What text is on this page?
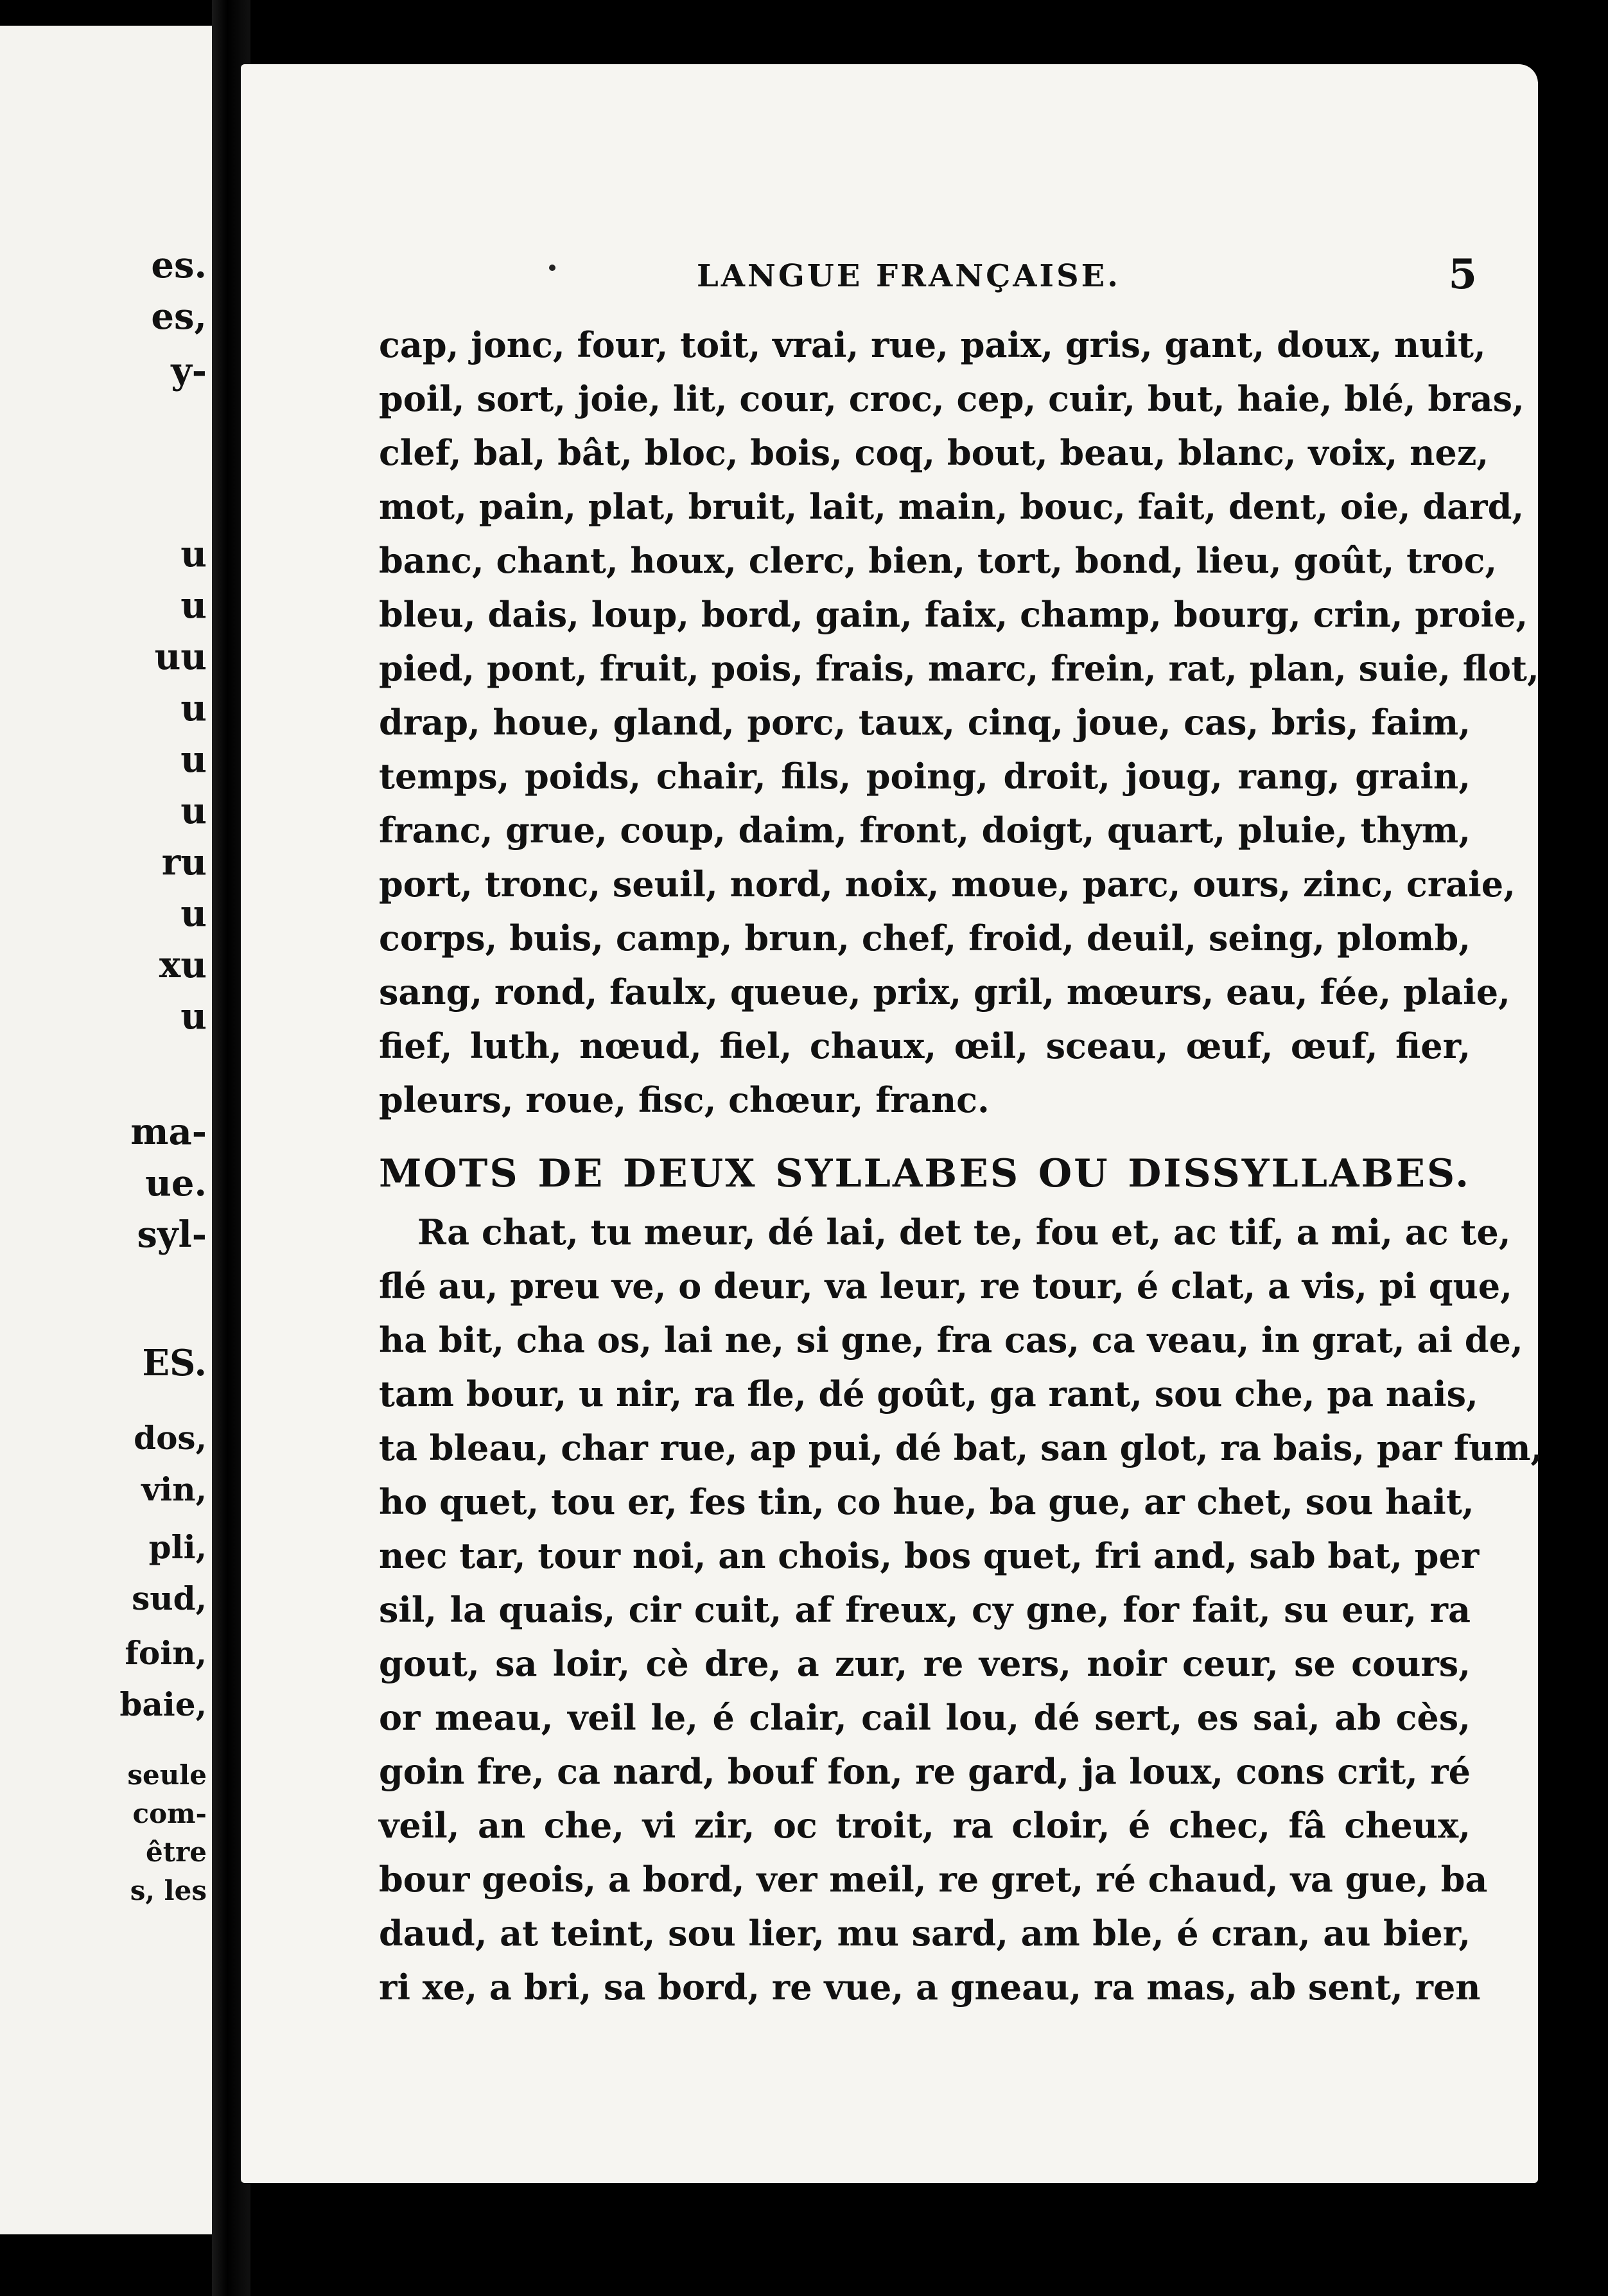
es.
es,
y-
u
u
uu
u
u
u
ru
u
xu
u
ma-
ue.
syl-
ES.
dos,
vin,
pli,
sud,
foin,
baie,
seule
com-
être
s, les
LANGUE FRANÇAISE.	5
cap, jonc, four, toit, vrai, rue, paix, gris, gant, doux, nuit,
poil, sort, joie, lit, cour, croc, cep, cuir, but, haie, blé, bras,
clef, bal, bât, bloc, bois, coq, bout, beau, blanc, voix, nez,
mot, pain, plat, bruit, lait, main, bouc, fait, dent, oie, dard,
banc, chant, houx, clerc, bien, tort, bond, lieu, goût, troc,
bleu, dais, loup, bord, gain, faix, champ, bourg, crin, proie,
pied, pont, fruit, pois, frais, marc, frein, rat, plan, suie, flot,
drap, houe, gland, porc, taux, cinq, joue, cas, bris, faim,
temps, poids, chair, fils, poing, droit, joug, rang, grain,
franc, grue, coup, daim, front, doigt, quart, pluie, thym,
port, tronc, seuil, nord, noix, moue, parc, ours, zinc, craie,
corps, buis, camp, brun, chef, froid, deuil, seing, plomb,
sang, rond, faulx, queue, prix, gril, mœurs, eau, fée, plaie,
fief, luth, nœud, fiel, chaux, œil, sceau, œuf, œuf, fier,
pleurs, roue, fisc, chœur, franc.
MOTS DE DEUX SYLLABES OU DISSYLLABES.
Ra chat, tu meur, dé lai, det te, fou et, ac tif, a mi, ac te,
flé au, preu ve, o deur, va leur, re tour, é clat, a vis, pi que,
ha bit, cha os, lai ne, si gne, fra cas, ca veau, in grat, ai de,
tam bour, u nir, ra fle, dé goût, ga rant, sou che, pa nais,
ta bleau, char rue, ap pui, dé bat, san glot, ra bais, par fum,
ho quet, tou er, fes tin, co hue, ba gue, ar chet, sou hait,
nec tar, tour noi, an chois, bos quet, fri and, sab bat, per
sil, la quais, cir cuit, af freux, cy gne, for fait, su eur, ra
gout, sa loir, cè dre, a zur, re vers, noir ceur, se cours,
or meau, veil le, é clair, cail lou, dé sert, es sai, ab cès,
goin fre, ca nard, bouf fon, re gard, ja loux, cons crit, ré
veil, an che, vi zir, oc troit, ra cloir, é chec, fâ cheux,
bour geois, a bord, ver meil, re gret, ré chaud, va gue, ba
daud, at teint, sou lier, mu sard, am ble, é cran, au bier,
ri xe, a bri, sa bord, re vue, a gneau, ra mas, ab sent, ren
